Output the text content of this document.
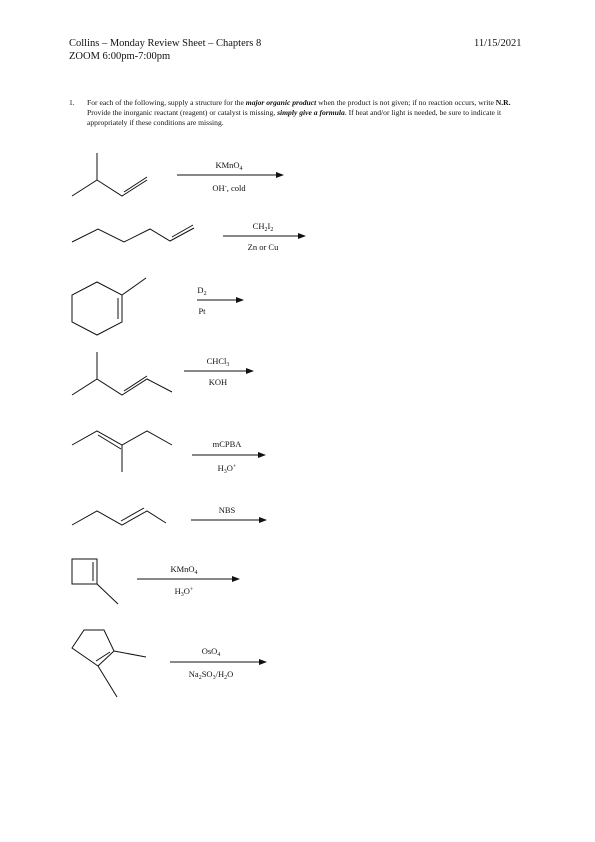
Collins – Monday Review Sheet – Chapters 8
ZOOM 6:00pm-7:00pm
11/15/2021
1. For each of the following, supply a structure for the major organic product when the product is not given; if no reaction occurs, write N.R. Provide the inorganic reactant (reagent) or catalyst is missing, simply give a formula. If heat and/or light is needed, be sure to indicate it appropriately if these conditions are missing.
KMnO$_4$
OH-, cold
$CH_2I_2$
Zn or Cu
$D_2$
Pt
CHCl$_3$
KOH
mCPBA
$H_3O^+$
NBS
KMnO$_4$
$H_3O^+$
OsO$_4$
$Na_2SO_3/H_2O$
